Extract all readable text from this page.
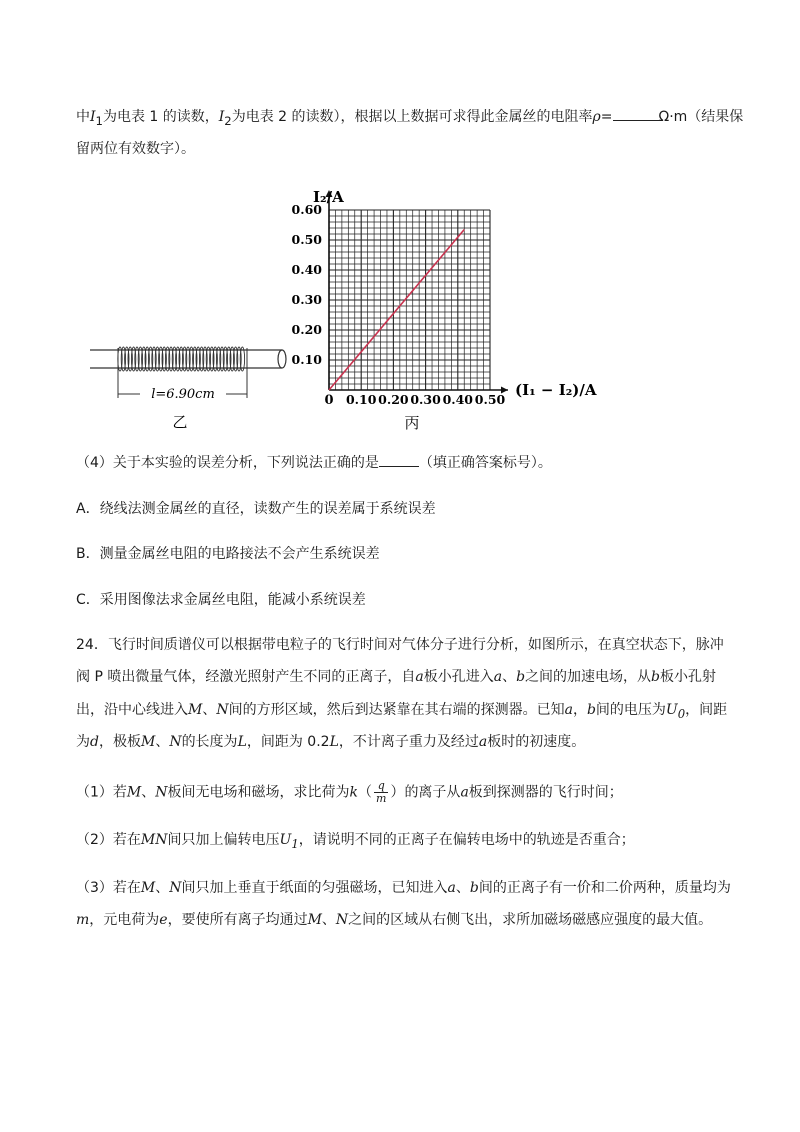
中$I_1$为电表 1 的读数，$I_2$为电表 2 的读数），根据以上数据可求得此金属丝的电阻率ρ=	Ω·m（结果保
留两位有效数字）。
l=6.90cm
乙
0.10 0.20 0.30 0.40 0.50
0.10
0.20
0.30
0.40
0.50
0.60
I₂/A
(I₁ − I₂)/A
0
丙
（4）关于本实验的误差分析，下列说法正确的是	（填正确答案标号）。
A．绕线法测金属丝的直径，读数产生的误差属于系统误差
B．测量金属丝电阻的电路接法不会产生系统误差
C．采用图像法求金属丝电阻，能减小系统误差
24．飞行时间质谱仪可以根据带电粒子的飞行时间对气体分子进行分析，如图所示，在真空状态下，脉冲
阀 P 喷出微量气体，经激光照射产生不同的正离子，自a板小孔进入a、b之间的加速电场，从b板小孔射
出，沿中心线进入M、N间的方形区域，然后到达紧靠在其右端的探测器。已知a，b间的电压为$U_0$，间距
为d，极板M、N的长度为L，间距为 0.2L，不计离子重力及经过a板时的初速度。
（1）若M、N板间无电场和磁场，求比荷为$k( \frac{q}{m}$ ）的离子从a板到探测器的飞行时间；
（2）若在MN间只加上偏转电压$U_1$，请说明不同的正离子在偏转电场中的轨迹是否重合；
（3）若在M、N间只加上垂直于纸面的匀强磁场，已知进入a、b间的正离子有一价和二价两种，质量均为
m，元电荷为e，要使所有离子均通过M、N之间的区域从右侧飞出，求所加磁场磁感应强度的最大值。
